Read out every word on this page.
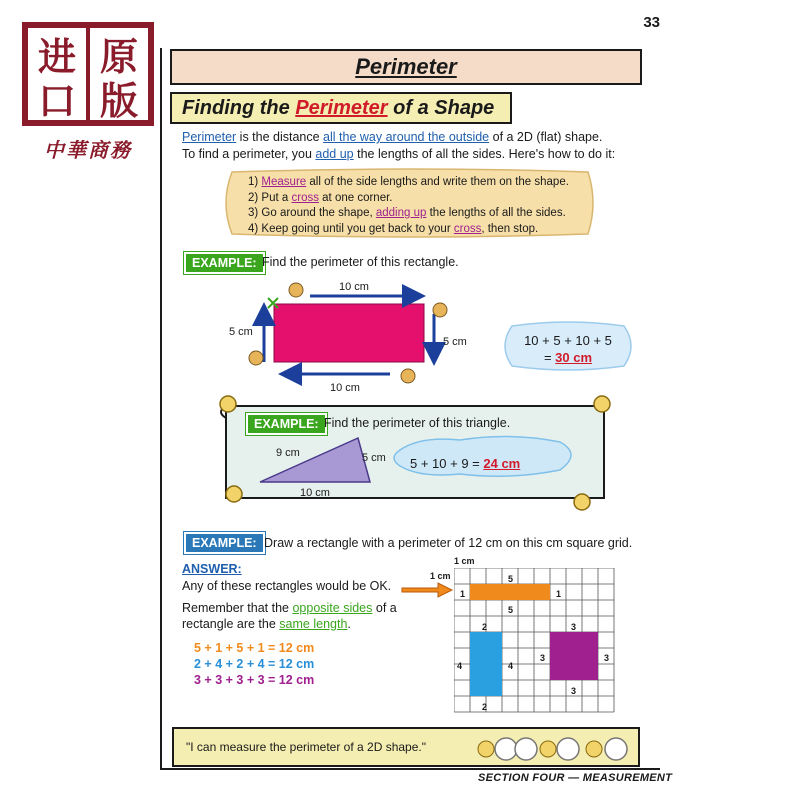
进 原
口 版
中華商務
33
Perimeter
Finding the Perimeter of a Shape
Perimeter is the distance all the way around the outside of a 2D (flat) shape.
To find a perimeter, you add up the lengths of all the sides. Here's how to do it:
1) Measure all of the side lengths and write them on the shape.
2) Put a cross at one corner.
3) Go around the shape, adding up the lengths of all the sides.
4) Keep going until you get back to your cross, then stop.
EXAMPLE: Find the perimeter of this rectangle.
10 cm
5 cm
5 cm
10 cm
10 + 5 + 10 + 5
= 30 cm
EXAMPLE: Find the perimeter of this triangle.
9 cm	5 cm
10 cm
5 + 10 + 9 = 24 cm
EXAMPLE: Draw a rectangle with a perimeter of 12 cm on this cm square grid.
ANSWER:
Any of these rectangles would be OK.
Remember that the opposite sides of a
rectangle are the same length.
5 + 1 + 5 + 1 = 12 cm
2 + 4 + 2 + 4 = 12 cm
3 + 3 + 3 + 3 = 12 cm
1 cm
1 cm	5
1	1
5
2
4	4
2
3
3	3
3
"I can measure the perimeter of a 2D shape."
SECTION FOUR — MEASUREMENT
